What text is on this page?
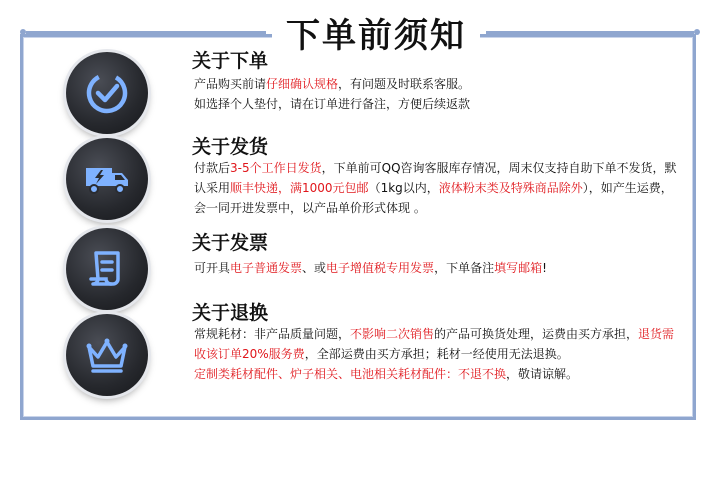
下单前须知
关于下单
产品购买前请仔细确认规格，有问题及时联系客服。
如选择个人垫付，请在订单进行备注，方便后续返款
关于发货
付款后3-5个工作日发货，下单前可QQ咨询客服库存情况，周末仅支持自助下单不发货，默认采用顺丰快递，满1000元包邮（1kg以内，液体粉末类及特殊商品除外），如产生运费，会一同开进发票中，以产品单价形式体现 。
关于发票
可开具电子普通发票、或电子增值税专用发票，下单备注填写邮箱!
关于退换
常规耗材：非产品质量问题，不影响二次销售的产品可换货处理，运费由买方承担，退货需收该订单20%服务费，全部运费由买方承担；耗材一经使用无法退换。
定制类耗材配件、炉子相关、电池相关耗材配件：不退不换，敬请谅解。
